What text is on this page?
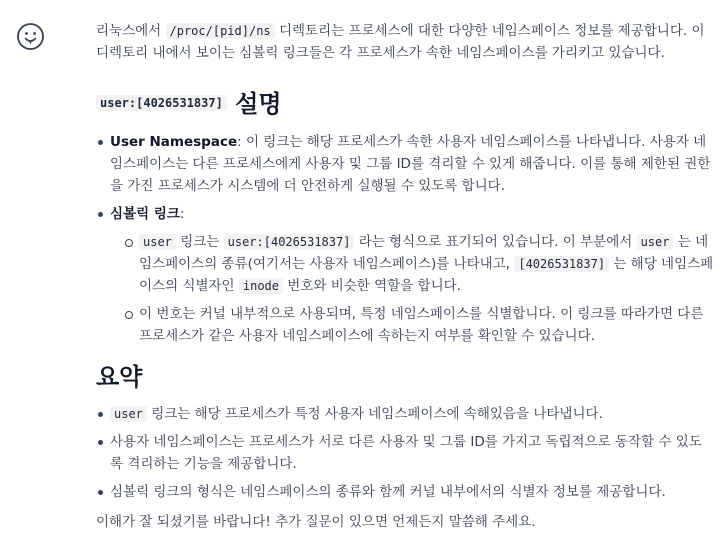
리눅스에서 /proc/[pid]/ns 디렉토리는 프로세스에 대한 다양한 네임스페이스 정보를 제공합니다. 이 디렉토리 내에서 보이는 심볼릭 링크들은 각 프로세스가 속한 네임스페이스를 가리키고 있습니다.

user:[4026531837] 설명
User Namespace: 이 링크는 해당 프로세스가 속한 사용자 네임스페이스를 나타냅니다. 사용자 네임스페이스는 다른 프로세스에게 사용자 및 그룹 ID를 격리할 수 있게 해줍니다. 이를 통해 제한된 권한을 가진 프로세스가 시스템에 더 안전하게 실행될 수 있도록 합니다.
심볼릭 링크:
user 링크는 user:[4026531837] 라는 형식으로 표기되어 있습니다. 이 부분에서 user 는 네임스페이스의 종류(여기서는 사용자 네임스페이스)를 나타내고, [4026531837] 는 해당 네임스페이스의 식별자인 inode 번호와 비슷한 역할을 합니다.
이 번호는 커널 내부적으로 사용되며, 특정 네임스페이스를 식별합니다. 이 링크를 따라가면 다른 프로세스가 같은 사용자 네임스페이스에 속하는지 여부를 확인할 수 있습니다.
요약
user 링크는 해당 프로세스가 특정 사용자 네임스페이스에 속해있음을 나타냅니다.
사용자 네임스페이스는 프로세스가 서로 다른 사용자 및 그룹 ID를 가지고 독립적으로 동작할 수 있도록 격리하는 기능을 제공합니다.
심볼릭 링크의 형식은 네임스페이스의 종류와 함께 커널 내부에서의 식별자 정보를 제공합니다.

이해가 잘 되셨기를 바랍니다! 추가 질문이 있으면 언제든지 말씀해 주세요.
